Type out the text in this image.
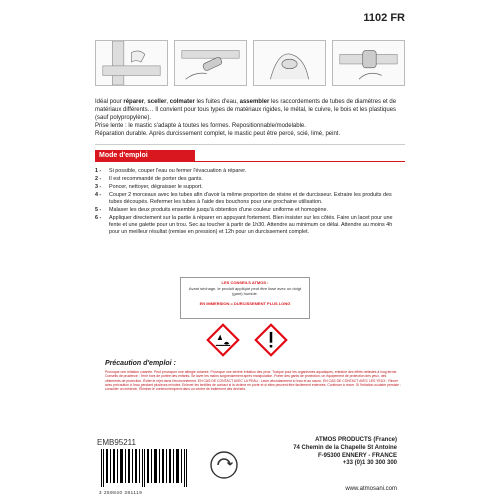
1102 FR
Idéal pour réparer, sceller, colmater les fuites d'eau, assembler les raccordements de tubes de diamètres et de matériaux différents… Il convient pour tous types de matériaux rigides, le métal, le cuivre, le bois et les plastiques (sauf polypropylène).
Prise lente : le mastic s'adapte à toutes les formes. Repositionnable/modelable.
Réparation durable. Après durcissement complet, le mastic peut être percé, scié, limé, peint.
Mode d'emploi
1 -	Si possible, couper l'eau ou fermer l'évacuation à réparer.
2 -	Il est recommandé de porter des gants.
3 -	Poncer, nettoyer, dégraisser le support.
4 -	Couper 2 morceaux avec les tubes afin d'avoir la même proportion de résine et de durcisseur. Extraire les produits des tubes découpés. Refermer les tubes à l'aide des bouchons pour une prochaine utilisation.
5 -	Malaxer les deux produits ensemble jusqu'à obtention d'une couleur uniforme et homogène.
6 -	Appliquer directement sur la partie à réparer en appuyant fortement. Bien insister sur les côtés. Faire un lacet pour une fente et une galette pour un trou. Sec au toucher à partir de 1h30. Attendre au minimum ce délai. Attendre au moins 4h pour un meilleur résultat (remise en pression) et 12h pour un durcissement complet.
LES CONSEILS ATMOS :
Avant séchage, le produit appliqué peut être lissé avec un doigt (gant) humide.
EN IMMERSION = DURCISSEMENT PLUS LONG
Précaution d'emploi :
Provoque une irritation cutanée. Peut provoquer une allergie cutanée. Provoque une sévère irritation des yeux. Toxique pour les organismes aquatiques, entraîne des effets néfastes à long terme. Conseils de prudence : Tenir hors de portée des enfants. Se laver les mains soigneusement après manipulation. Porter des gants de protection, un équipement de protection des yeux, des vêtements de protection. Éviter le rejet dans l'environnement. EN CAS DE CONTACT AVEC LA PEAU : Laver abondamment à l'eau et au savon. EN CAS DE CONTACT AVEC LES YEUX : Rincer avec précaution à l'eau pendant plusieurs minutes. Enlever les lentilles de contact si la victime en porte et si elles peuvent être facilement enlevées. Continuer à rincer. Si l'irritation oculaire persiste : consulter un médecin. Éliminer le contenu/récipient dans un centre de traitement des déchets.
EMB95211
3 259840 381119
ATMOS PRODUCTS (France)
74 Chemin de la Chapelle St Antoine
F-95300 ENNERY - FRANCE
+33 (0)1 30 300 300
www.atmosani.com
